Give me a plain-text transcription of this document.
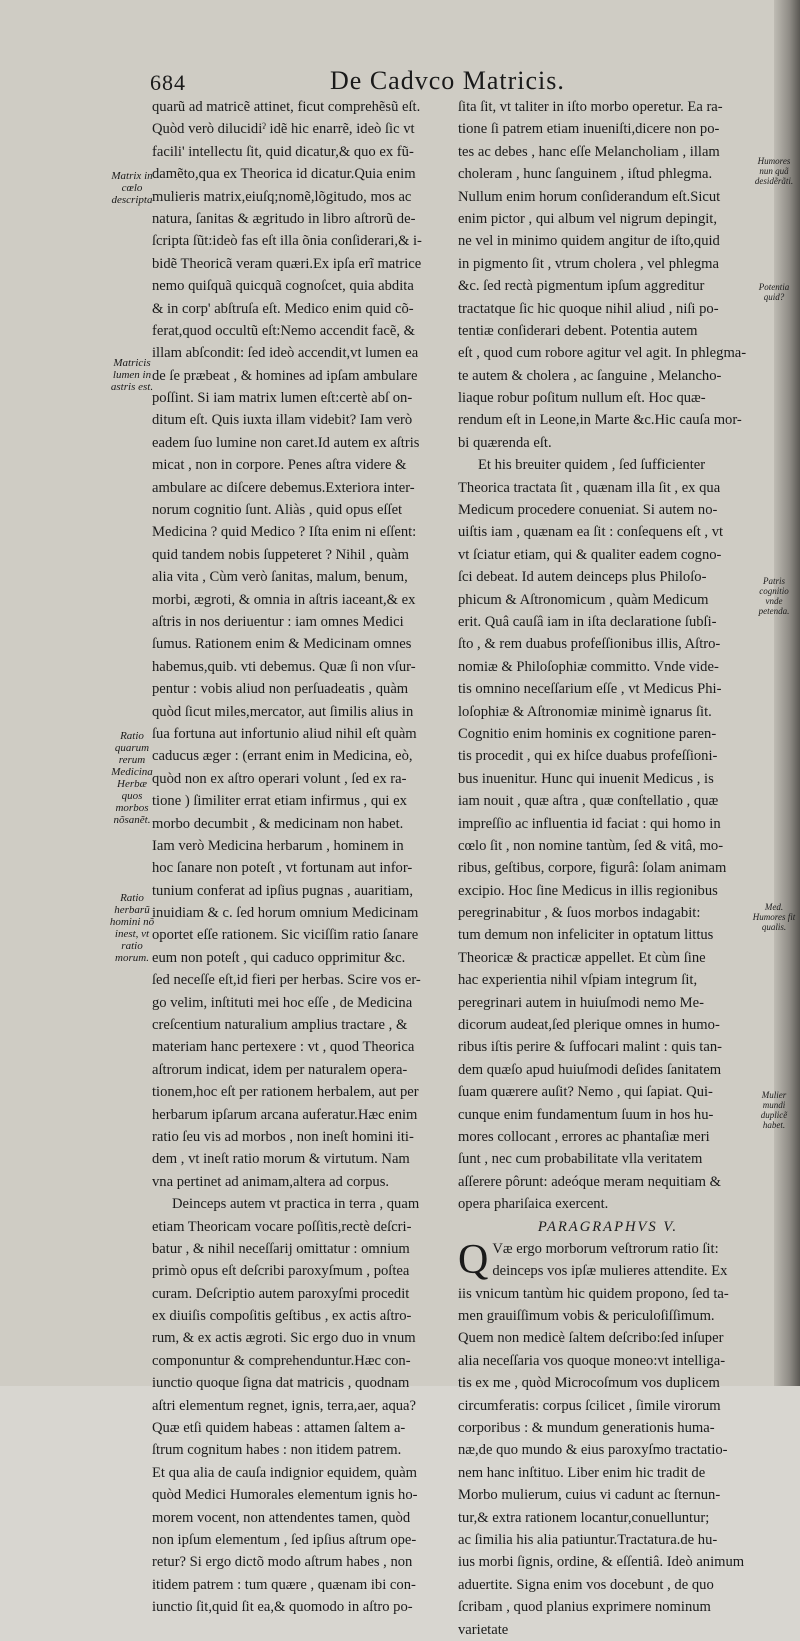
684	De Cadvco Matricis.
Matrix in cœlo descripta
Matricis lumen in astris est.
Ratio quarum rerum Medicina Herbæ quos morbos nõsanẽt.
Ratio herbarũ homini nõ inest, vt ratio morum.
Humores nun quã desidẽrãti.
Potentia quid?
Patris cognitio vnde petenda.
Med. Humores fit qualis.
Mulier mundi duplicẽ habet.
quarũ ad matricẽ attinet, ficut comprehẽsũ eſt.
Quòd verò dilucidiˀ idẽ hic enarrẽ, ideò ſic vt
facili' intellectu ſit, quid dicatur,& quo ex fũ-
damẽto,qua ex Theorica id dicatur.Quia enim
mulieris matrix,eiuſq;nomẽ,lõgitudo, mos ac
natura, ſanitas & ægritudo in libro aſtrorũ de-
ſcripta ſũt:ideò fas eſt illa õnia conſiderari,& i-
bidẽ Theoricã veram quæri.Ex ipſa erĩ matrice
nemo quiſquã quicquã cognoſcet, quia abdita
& in corp' abſtruſa eſt. Medico enim quid cõ-
ferat,quod occultũ eſt:Nemo accendit facẽ, &
illam abſcondit: ſed ideò accendit,vt lumen ea
de ſe præbeat , & homines ad ipſam ambulare
poſſint. Si iam matrix lumen eſt:certè abſ on-
ditum eſt. Quis iuxta illam videbit? Iam verò
eadem ſuo lumine non caret.Id autem ex aſtris
micat , non in corpore. Penes aſtra videre &
ambulare ac diſcere debemus.Exteriora inter-
norum cognitio ſunt. Aliàs , quid opus eſſet
Medicina ? quid Medico ? Iſta enim ni eſſent:
quid tandem nobis ſuppeteret ? Nihil , quàm
alia vita , Cùm verò ſanitas, malum, benum,
morbi, ægroti, & omnia in aſtris iaceant,& ex
aſtris in nos deriuentur : iam omnes Medici
ſumus. Rationem enim & Medicinam omnes
habemus,quib. vti debemus. Quæ ſi non vſur-
pentur : vobis aliud non perſuadeatis , quàm
quòd ſicut miles,mercator, aut ſimilis alius in
ſua fortuna aut infortunio aliud nihil eſt quàm
caducus æger : (errant enim in Medicina, eò,
quòd non ex aſtro operari volunt , ſed ex ra-
tione ) ſimiliter errat etiam infirmus , qui ex
morbo decumbit , & medicinam non habet.
Iam verò Medicina herbarum , hominem in
hoc ſanare non poteſt , vt fortunam aut infor-
tunium conferat ad ipſius pugnas , auaritiam,
inuidiam & c. ſed horum omnium Medicinam
oportet eſſe rationem. Sic viciſſim ratio ſanare
eum non poteſt , qui caduco opprimitur &c.
ſed neceſſe eſt,id fieri per herbas. Scire vos er-
go velim, inſtituti mei hoc eſſe , de Medicina
creſcentium naturalium amplius tractare , &
materiam hanc pertexere : vt , quod Theorica
aſtrorum indicat, idem per naturalem opera-
tionem,hoc eſt per rationem herbalem, aut per
herbarum ipſarum arcana auferatur.Hæc enim
ratio ſeu vis ad morbos , non ineſt homini iti-
dem , vt ineſt ratio morum & virtutum. Nam
vna pertinet ad animam,altera ad corpus.
Deinceps autem vt practica in terra , quam
etiam Theoricam vocare poſſitis,rectè deſcri-
batur , & nihil neceſſarij omittatur : omnium
primò opus eſt deſcribi paroxyſmum , poſtea
curam. Deſcriptio autem paroxyſmi procedit
ex diuiſis compoſitis geſtibus , ex actis aſtro-
rum, & ex actis ægroti. Sic ergo duo in vnum
componuntur & comprehenduntur.Hæc con-
iunctio quoque ſigna dat matricis , quodnam
aſtri elementum regnet, ignis, terra,aer, aqua?
Quæ etſi quidem habeas : attamen ſaltem a-
ſtrum cognitum habes : non itidem patrem.
Et qua alia de cauſa indignior equidem, quàm
quòd Medici Humorales elementum ignis ho-
morem vocent, non attendentes tamen, quòd
non ipſum elementum , ſed ipſius aſtrum ope-
retur? Si ergo dictõ modo aſtrum habes , non
itidem patrem : tum quære , quænam ibi con-
iunctio ſit,quid ſit ea,& quomodo in aſtro po-
ſita ſit, vt taliter in iſto morbo operetur. Ea ra-
tione ſi patrem etiam inueniſti,dicere non po-
tes ac debes , hanc eſſe Melancholiam , illam
choleram , hunc ſanguinem , iſtud phlegma.
Nullum enim horum conſiderandum eſt.Sicut
enim pictor , qui album vel nigrum depingit,
ne vel in minimo quidem angitur de iſto,quid
in pigmento ſit , vtrum cholera , vel phlegma
&c. ſed rectà pigmentum ipſum aggreditur
tractatque ſic hic quoque nihil aliud , niſi po-
tentiæ conſiderari debent. Potentia autem
eſt , quod cum robore agitur vel agit. In phlegma-
te autem & cholera , ac ſanguine , Melancho-
liaque robur poſitum nullum eſt. Hoc quæ-
rendum eſt in Leone,in Marte &c.Hic cauſa mor-
bi quærenda eſt.
Et his breuiter quidem , ſed ſufficienter
Theorica tractata ſit , quænam illa ſit , ex qua
Medicum procedere conueniat. Si autem no-
uiſtis iam , quænam ea ſit : conſequens eſt , vt
vt ſciatur etiam, qui & qualiter eadem cogno-
ſci debeat. Id autem deinceps plus Philoſo-
phicum & Aſtronomicum , quàm Medicum
erit. Quâ cauſâ iam in iſta declaratione ſubſi-
ſto , & rem duabus profeſſionibus illis, Aſtro-
nomiæ & Philoſophiæ committo. Vnde vide-
tis omnino neceſſarium eſſe , vt Medicus Phi-
loſophiæ & Aſtronomiæ minimè ignarus ſit.
Cognitio enim hominis ex cognitione paren-
tis procedit , qui ex hiſce duabus profeſſioni-
bus inuenitur. Hunc qui inuenit Medicus , is
iam nouit , quæ aſtra , quæ conſtellatio , quæ
impreſſio ac influentia id faciat : qui homo in
cœlo ſit , non nomine tantùm, ſed & vitâ, mo-
ribus, geſtibus, corpore, figurâ: ſolam animam
excipio. Hoc ſine Medicus in illis regionibus
peregrinabitur , & ſuos morbos indagabit:
tum demum non infeliciter in optatum littus
Theoricæ & practicæ appellet. Et cùm ſine
hac experientia nihil vſpiam integrum ſit,
peregrinari autem in huiuſmodi nemo Me-
dicorum audeat,ſed plerique omnes in humo-
ribus iſtis perire & ſuffocari malint : quis tan-
dem quæſo apud huiuſmodi deſides ſanitatem
ſuam quærere auſit? Nemo , qui ſapiat. Qui-
cunque enim fundamentum ſuum in hos hu-
mores collocant , errores ac phantaſiæ meri
ſunt , nec cum probabilitate vlla veritatem
aſſerere pôrunt: adeóque meram nequitiam &
opera phariſaica exercent.
PARAGRAPHVS V.
Q Væ ergo morborum veſtrorum ratio ſit:
deinceps vos ipſæ mulieres attendite. Ex
iis vnicum tantùm hic quidem propono, ſed ta-
men grauiſſimum vobis & periculoſiſſimum.
Quem non medicè ſaltem deſcribo:ſed inſuper
alia neceſſaria vos quoque moneo:vt intelliga-
tis ex me , quòd Microcoſmum vos duplicem
circumferatis: corpus ſcilicet , ſimile virorum
corporibus : & mundum generationis huma-
næ,de quo mundo & eius paroxyſmo tractatio-
nem hanc inſtituo. Liber enim hic tradit de
Morbo mulierum, cuius vi cadunt ac ſternun-
tur,& extra rationem locantur,conuelluntur;
ac ſimilia his alia patiuntur.Tractatura.de hu-
ius morbi ſignis, ordine, & eſſentiâ. Ideò animum
aduertite. Signa enim vos docebunt , de quo
ſcribam , quod planius exprimere nominum
varietate
